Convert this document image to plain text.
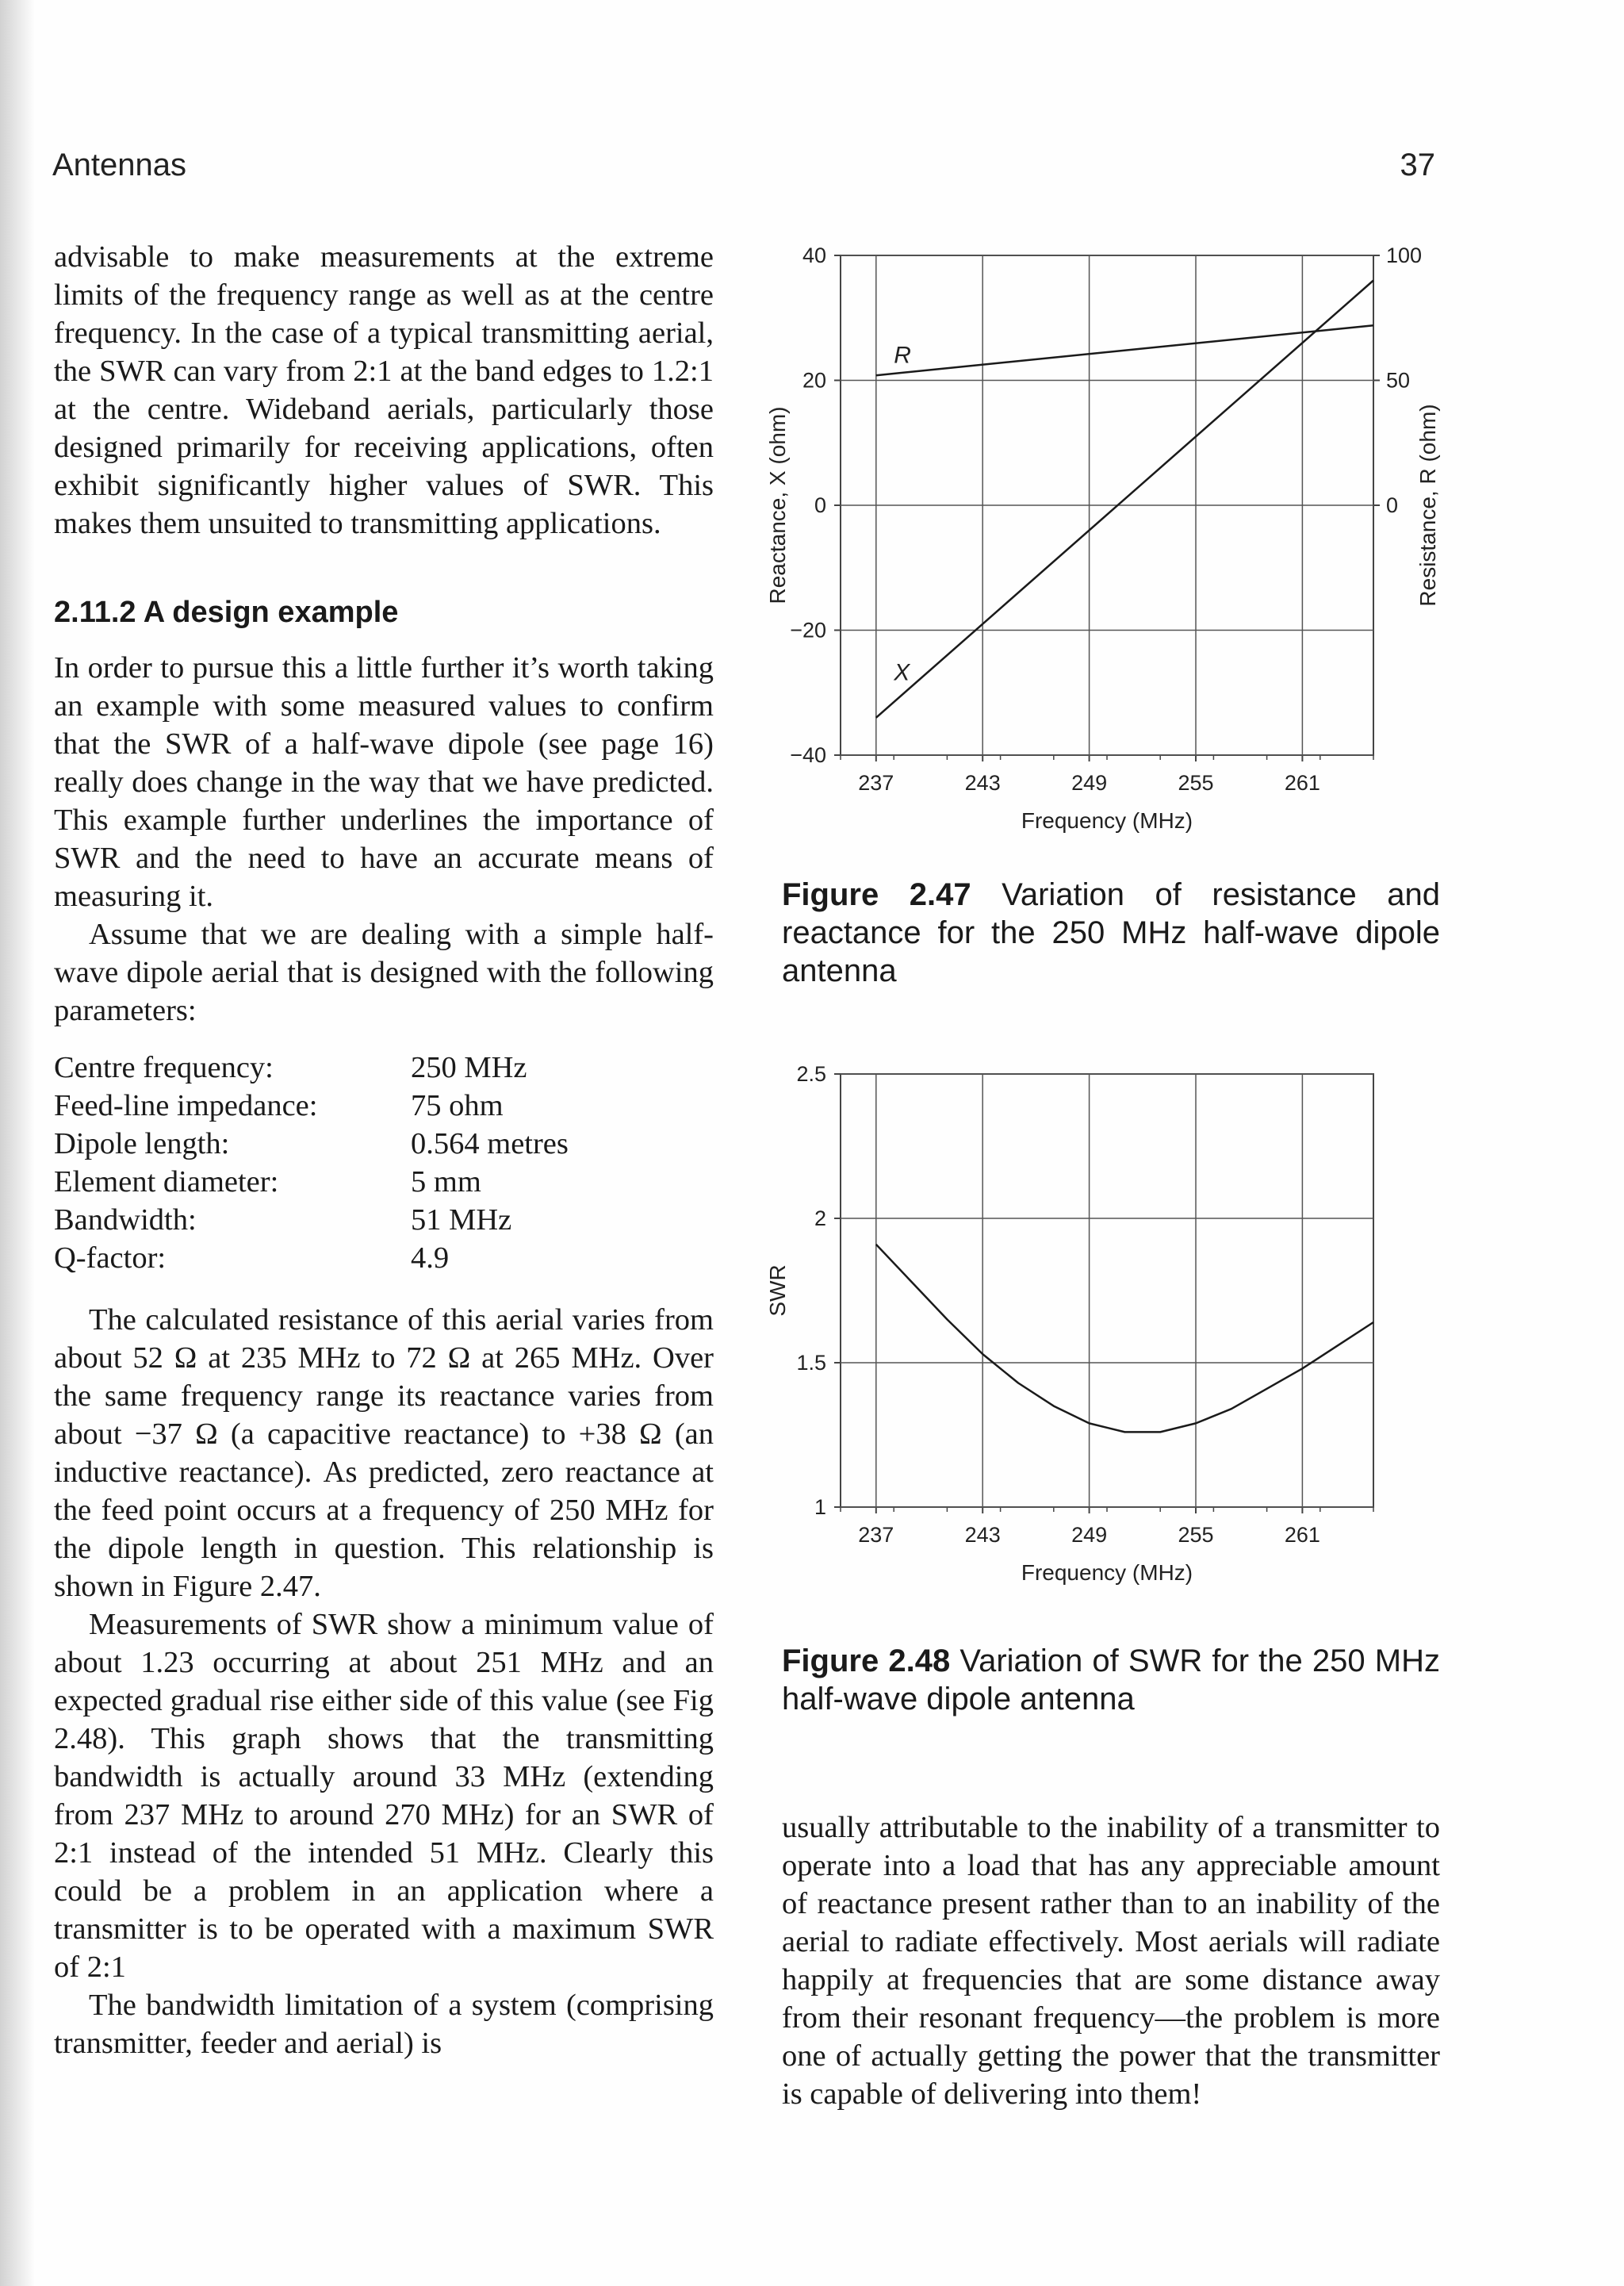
Antennas	37

advisable to make measurements at the extreme limits of the frequency range as well as at the centre frequency. In the case of a typical transmitting aerial, the SWR can vary from 2:1 at the band edges to 1.2:1 at the centre. Wideband aerials, particularly those designed primarily for receiving applications, often exhibit significantly higher values of SWR. This makes them unsuited to transmitting applications.

2.11.2 A design example

In order to pursue this a little further it’s worth taking an example with some measured values to confirm that the SWR of a half-wave dipole (see page 16) really does change in the way that we have predicted. This example further underlines the importance of SWR and the need to have an accurate means of measuring it.

Assume that we are dealing with a simple half-wave dipole aerial that is designed with the following parameters:

Centre frequency:	250 MHz
Feed-line impedance:	75 ohm
Dipole length:	0.564 metres
Element diameter:	5 mm
Bandwidth:	51 MHz
Q-factor:	4.9

The calculated resistance of this aerial varies from about 52 Ω at 235 MHz to 72 Ω at 265 MHz. Over the same frequency range its reactance varies from about −37 Ω (a capacitive reactance) to +38 Ω (an inductive reactance). As predicted, zero reactance at the feed point occurs at a frequency of 250 MHz for the dipole length in question. This relationship is shown in Figure 2.47.

Measurements of SWR show a minimum value of about 1.23 occurring at about 251 MHz and an expected gradual rise either side of this value (see Fig 2.48). This graph shows that the transmitting bandwidth is actually around 33 MHz (extending from 237 MHz to around 270 MHz) for an SWR of 2:1 instead of the intended 51 MHz. Clearly this could be a problem in an application where a transmitter is to be operated with a maximum SWR of 2:1

The bandwidth limitation of a system (comprising transmitter, feeder and aerial) is

237	243	249	255	261
−40
−20
0
20
40
0
50
100
Frequency (MHz)
Reactance, X (ohm)	Resistance, R (ohm)
R
X
Figure 2.47 Variation of resistance and reactance for the 250 MHz half-wave dipole antenna
237	243	249	255	261
1
1.5
2
2.5
Frequency (MHz)
SWR
Figure 2.48 Variation of SWR for the 250 MHz half-wave dipole antenna

usually attributable to the inability of a transmitter to operate into a load that has any appreciable amount of reactance present rather than to an inability of the aerial to radiate effectively. Most aerials will radiate happily at frequencies that are some distance away from their resonant frequency—the problem is more one of actually getting the power that the transmitter is capable of delivering into them!
